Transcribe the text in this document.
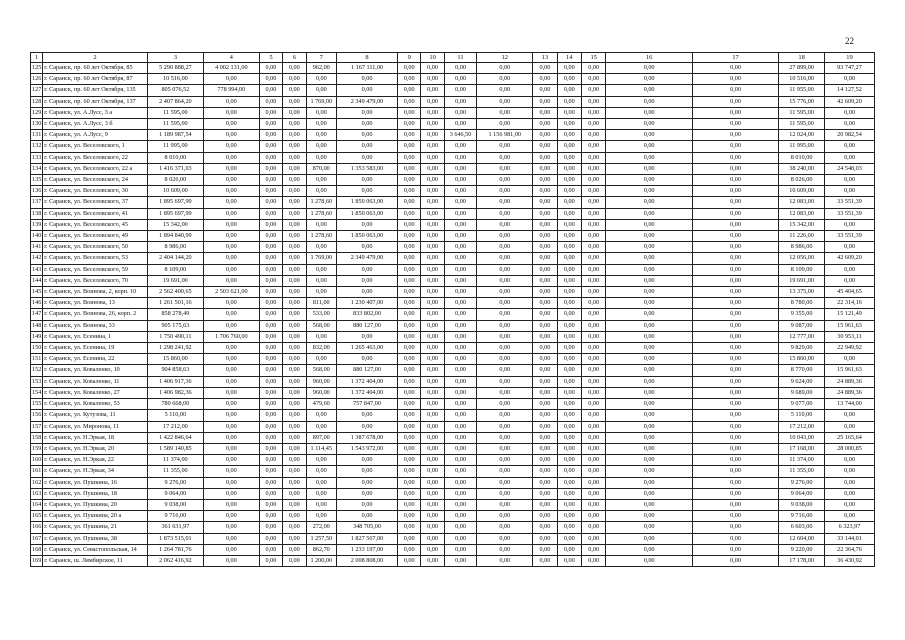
22
1	2	3	4	5	6	7	8	9	10	11	12	13	14	15	16	17	18	19
125	г. Саранск, пр. 60 лет Октября, 85	5 290 888,27	4 002 131,00	0,00	0,00	962,00	1 167 111,00	0,00	0,00	0,00	0,00	0,00	0,00	0,00	0,00	0,00	27 899,00	93 747,27
126	г. Саранск, пр. 60 лет Октября, 87	10 516,00	0,00	0,00	0,00	0,00	0,00	0,00	0,00	0,00	0,00	0,00	0,00	0,00	0,00	0,00	10 516,00	0,00
127	г. Саранск, пр. 60 лет Октября, 135	805 076,52	778 994,00	0,00	0,00	0,00	0,00	0,00	0,00	0,00	0,00	0,00	0,00	0,00	0,00	0,00	11 955,00	14 127,52
128	г. Саранск, пр. 60 лет Октября, 137	2 407 864,20	0,00	0,00	0,00	1 769,00	2 349 479,00	0,00	0,00	0,00	0,00	0,00	0,00	0,00	0,00	0,00	15 776,00	42 609,20
129	г. Саранск, ул. А.Лусс, 3 а	11 595,00	0,00	0,00	0,00	0,00	0,00	0,00	0,00	0,00	0,00	0,00	0,00	0,00	0,00	0,00	11 595,00	0,00
130	г. Саранск, ул. А.Лусс, 3 б	11 595,00	0,00	0,00	0,00	0,00	0,00	0,00	0,00	0,00	0,00	0,00	0,00	0,00	0,00	0,00	11 595,00	0,00
131	г. Саранск, ул. А.Лусс, 9	1 189 987,54	0,00	0,00	0,00	0,00	0,00	0,00	0,00	3 646,50	1 156 981,00	0,00	0,00	0,00	0,00	0,00	12 024,00	20 982,54
132	г. Саранск, ул. Веселовского, 1	11 995,00	0,00	0,00	0,00	0,00	0,00	0,00	0,00	0,00	0,00	0,00	0,00	0,00	0,00	0,00	11 995,00	0,00
133	г. Саранск, ул. Веселовского, 22	8 010,00	0,00	0,00	0,00	0,00	0,00	0,00	0,00	0,00	0,00	0,00	0,00	0,00	0,00	0,00	8 010,00	0,00
134	г. Саранск, ул. Веселовского, 22 а	1 416 371,03	0,00	0,00	0,00	870,00	1 353 583,00	0,00	0,00	0,00	0,00	0,00	0,00	0,00	0,00	0,00	38 240,00	24 548,03
135	г. Саранск, ул. Веселовского, 24	8 026,00	0,00	0,00	0,00	0,00	0,00	0,00	0,00	0,00	0,00	0,00	0,00	0,00	0,00	0,00	8 026,00	0,00
136	г. Саранск, ул. Веселовского, 30	10 609,00	0,00	0,00	0,00	0,00	0,00	0,00	0,00	0,00	0,00	0,00	0,00	0,00	0,00	0,00	10 609,00	0,00
137	г. Саранск, ул. Веселовского, 37	1 895 697,99	0,00	0,00	0,00	1 278,60	1 850 063,00	0,00	0,00	0,00	0,00	0,00	0,00	0,00	0,00	0,00	12 083,00	33 551,39
138	г. Саранск, ул. Веселовского, 41	1 895 697,99	0,00	0,00	0,00	1 278,60	1 850 063,00	0,00	0,00	0,00	0,00	0,00	0,00	0,00	0,00	0,00	12 083,00	33 551,39
139	г. Саранск, ул. Веселовского, 45	15 342,00	0,00	0,00	0,00	0,00	0,00	0,00	0,00	0,00	0,00	0,00	0,00	0,00	0,00	0,00	15 342,00	0,00
140	г. Саранск, ул. Веселовского, 49	1 894 840,99	0,00	0,00	0,00	1 278,60	1 850 063,00	0,00	0,00	0,00	0,00	0,00	0,00	0,00	0,00	0,00	11 226,00	33 551,39
141	г. Саранск, ул. Веселовского, 50	8 986,00	0,00	0,00	0,00	0,00	0,00	0,00	0,00	0,00	0,00	0,00	0,00	0,00	0,00	0,00	8 986,00	0,00
142	г. Саранск, ул. Веселовского, 53	2 404 144,20	0,00	0,00	0,00	1 769,00	2 349 479,00	0,00	0,00	0,00	0,00	0,00	0,00	0,00	0,00	0,00	12 056,00	42 609,20
143	г. Саранск, ул. Веселовского, 59	8 109,00	0,00	0,00	0,00	0,00	0,00	0,00	0,00	0,00	0,00	0,00	0,00	0,00	0,00	0,00	8 109,00	0,00
144	г. Саранск, ул. Веселовского, 70	19 691,00	0,00	0,00	0,00	0,00	0,00	0,00	0,00	0,00	0,00	0,00	0,00	0,00	0,00	0,00	19 691,00	0,00
145	г. Саранск, ул. Воинова, 2, корп. 10	2 562 400,65	2 503 621,00	0,00	0,00	0,00	0,00	0,00	0,00	0,00	0,00	0,00	0,00	0,00	0,00	0,00	13 375,00	45 404,65
146	г. Саранск, ул. Воинова, 13	1 261 501,16	0,00	0,00	0,00	811,00	1 230 407,00	0,00	0,00	0,00	0,00	0,00	0,00	0,00	0,00	0,00	8 780,00	22 314,16
147	г. Саранск, ул. Воинова, 26, корп. 2	858 278,49	0,00	0,00	0,00	533,00	833 802,00	0,00	0,00	0,00	0,00	0,00	0,00	0,00	0,00	0,00	9 355,00	15 121,49
148	г. Саранск, ул. Воинова, 33	905 175,63	0,00	0,00	0,00	568,00	880 127,00	0,00	0,00	0,00	0,00	0,00	0,00	0,00	0,00	0,00	9 087,00	15 961,63
149	г. Саранск, ул. Есенина, 1	1 750 490,11	1 706 760,00	0,00	0,00	0,00	0,00	0,00	0,00	0,00	0,00	0,00	0,00	0,00	0,00	0,00	12 777,00	30 953,11
150	г. Саранск, ул. Есенина, 19	1 298 241,92	0,00	0,00	0,00	832,00	1 265 463,00	0,00	0,00	0,00	0,00	0,00	0,00	0,00	0,00	0,00	9 829,00	22 949,92
151	г. Саранск, ул. Есенина, 22	15 860,00	0,00	0,00	0,00	0,00	0,00	0,00	0,00	0,00	0,00	0,00	0,00	0,00	0,00	0,00	15 860,00	0,00
152	г. Саранск, ул. Коваленко, 10	904 858,63	0,00	0,00	0,00	568,00	880 127,00	0,00	0,00	0,00	0,00	0,00	0,00	0,00	0,00	0,00	8 770,00	15 961,63
153	г. Саранск, ул. Коваленко, 11	1 406 917,36	0,00	0,00	0,00	960,00	1 372 404,00	0,00	0,00	0,00	0,00	0,00	0,00	0,00	0,00	0,00	9 624,00	24 889,36
154	г. Саранск, ул. Коваленко, 27	1 406 982,36	0,00	0,00	0,00	960,00	1 372 404,00	0,00	0,00	0,00	0,00	0,00	0,00	0,00	0,00	0,00	9 689,00	24 889,36
155	г. Саранск, ул. Коваленко, 53	780 668,00	0,00	0,00	0,00	479,60	757 847,00	0,00	0,00	0,00	0,00	0,00	0,00	0,00	0,00	0,00	9 077,00	13 744,00
156	г. Саранск, ул. Кутузова, 11	5 110,00	0,00	0,00	0,00	0,00	0,00	0,00	0,00	0,00	0,00	0,00	0,00	0,00	0,00	0,00	5 110,00	0,00
157	г. Саранск, ул. Миронова, 11	17 212,00	0,00	0,00	0,00	0,00	0,00	0,00	0,00	0,00	0,00	0,00	0,00	0,00	0,00	0,00	17 212,00	0,00
158	г. Саранск, ул. Н.Эркая, 18	1 422 846,64	0,00	0,00	0,00	897,00	1 387 678,00	0,00	0,00	0,00	0,00	0,00	0,00	0,00	0,00	0,00	10 043,00	25 165,64
159	г. Саранск, ул. Н.Эркая, 20	1 589 140,85	0,00	0,00	0,00	1 114,45	1 543 972,00	0,00	0,00	0,00	0,00	0,00	0,00	0,00	0,00	0,00	17 168,00	28 000,85
160	г. Саранск, ул. Н.Эркая, 22	11 374,00	0,00	0,00	0,00	0,00	0,00	0,00	0,00	0,00	0,00	0,00	0,00	0,00	0,00	0,00	11 374,00	0,00
161	г. Саранск, ул. Н.Эркая, 34	11 355,00	0,00	0,00	0,00	0,00	0,00	0,00	0,00	0,00	0,00	0,00	0,00	0,00	0,00	0,00	11 355,00	0,00
162	г. Саранск, ул. Пушкина, 16	9 276,00	0,00	0,00	0,00	0,00	0,00	0,00	0,00	0,00	0,00	0,00	0,00	0,00	0,00	0,00	9 276,00	0,00
163	г. Саранск, ул. Пушкина, 18	9 064,00	0,00	0,00	0,00	0,00	0,00	0,00	0,00	0,00	0,00	0,00	0,00	0,00	0,00	0,00	9 064,00	0,00
164	г. Саранск, ул. Пушкина, 20	9 038,00	0,00	0,00	0,00	0,00	0,00	0,00	0,00	0,00	0,00	0,00	0,00	0,00	0,00	0,00	9 038,00	0,00
165	г. Саранск, ул. Пушкина, 20 а	9 716,00	0,00	0,00	0,00	0,00	0,00	0,00	0,00	0,00	0,00	0,00	0,00	0,00	0,00	0,00	9 716,00	0,00
166	г. Саранск, ул. Пушкина, 21	361 631,97	0,00	0,00	0,00	272,00	348 705,00	0,00	0,00	0,00	0,00	0,00	0,00	0,00	0,00	0,00	6 603,00	6 323,97
167	г. Саранск, ул. Пушкина, 38	1 873 515,01	0,00	0,00	0,00	1 257,50	1 827 567,00	0,00	0,00	0,00	0,00	0,00	0,00	0,00	0,00	0,00	12 604,00	33 144,01
168	г. Саранск, ул. Севастопольская, 14	1 264 781,76	0,00	0,00	0,00	862,70	1 233 197,00	0,00	0,00	0,00	0,00	0,00	0,00	0,00	0,00	0,00	9 220,00	22 364,76
169	г. Саранск, ш. Лямбирское, 11	2 062 416,92	0,00	0,00	0,00	1 200,00	2 008 808,00	0,00	0,00	0,00	0,00	0,00	0,00	0,00	0,00	0,00	17 178,00	36 430,92
